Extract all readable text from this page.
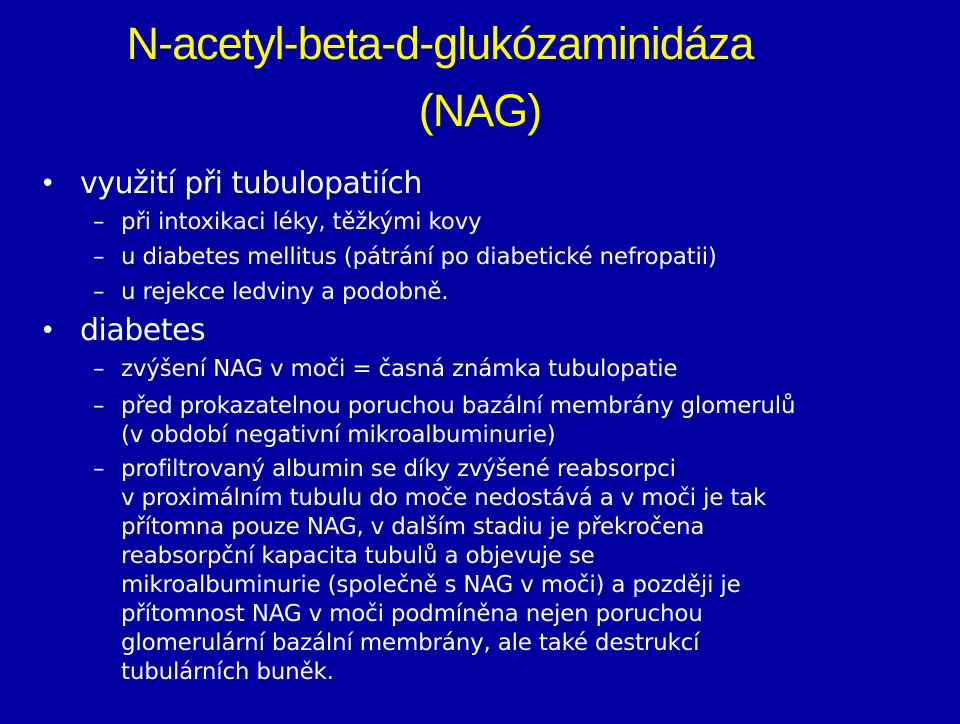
N-acetyl-beta-d-glukózaminidáza
(NAG)
• využití při tubulopatiích
– při intoxikaci léky, těžkými kovy
– u diabetes mellitus (pátrání po diabetické nefropatii)
– u rejekce ledviny a podobně.
• diabetes
– zvýšení NAG v moči = časná známka tubulopatie
– před prokazatelnou poruchou bazální membrány glomerulů
(v období negativní mikroalbuminurie)
– profiltrovaný albumin se díky zvýšené reabsorpci
v proximálním tubulu do moče nedostává a v moči je tak
přítomna pouze NAG, v dalším stadiu je překročena
reabsorpční kapacita tubulů a objevuje se
mikroalbuminurie (společně s NAG v moči) a později je
přítomnost NAG v moči podmíněna nejen poruchou
glomerulární bazální membrány, ale také destrukcí
tubulárních buněk.
